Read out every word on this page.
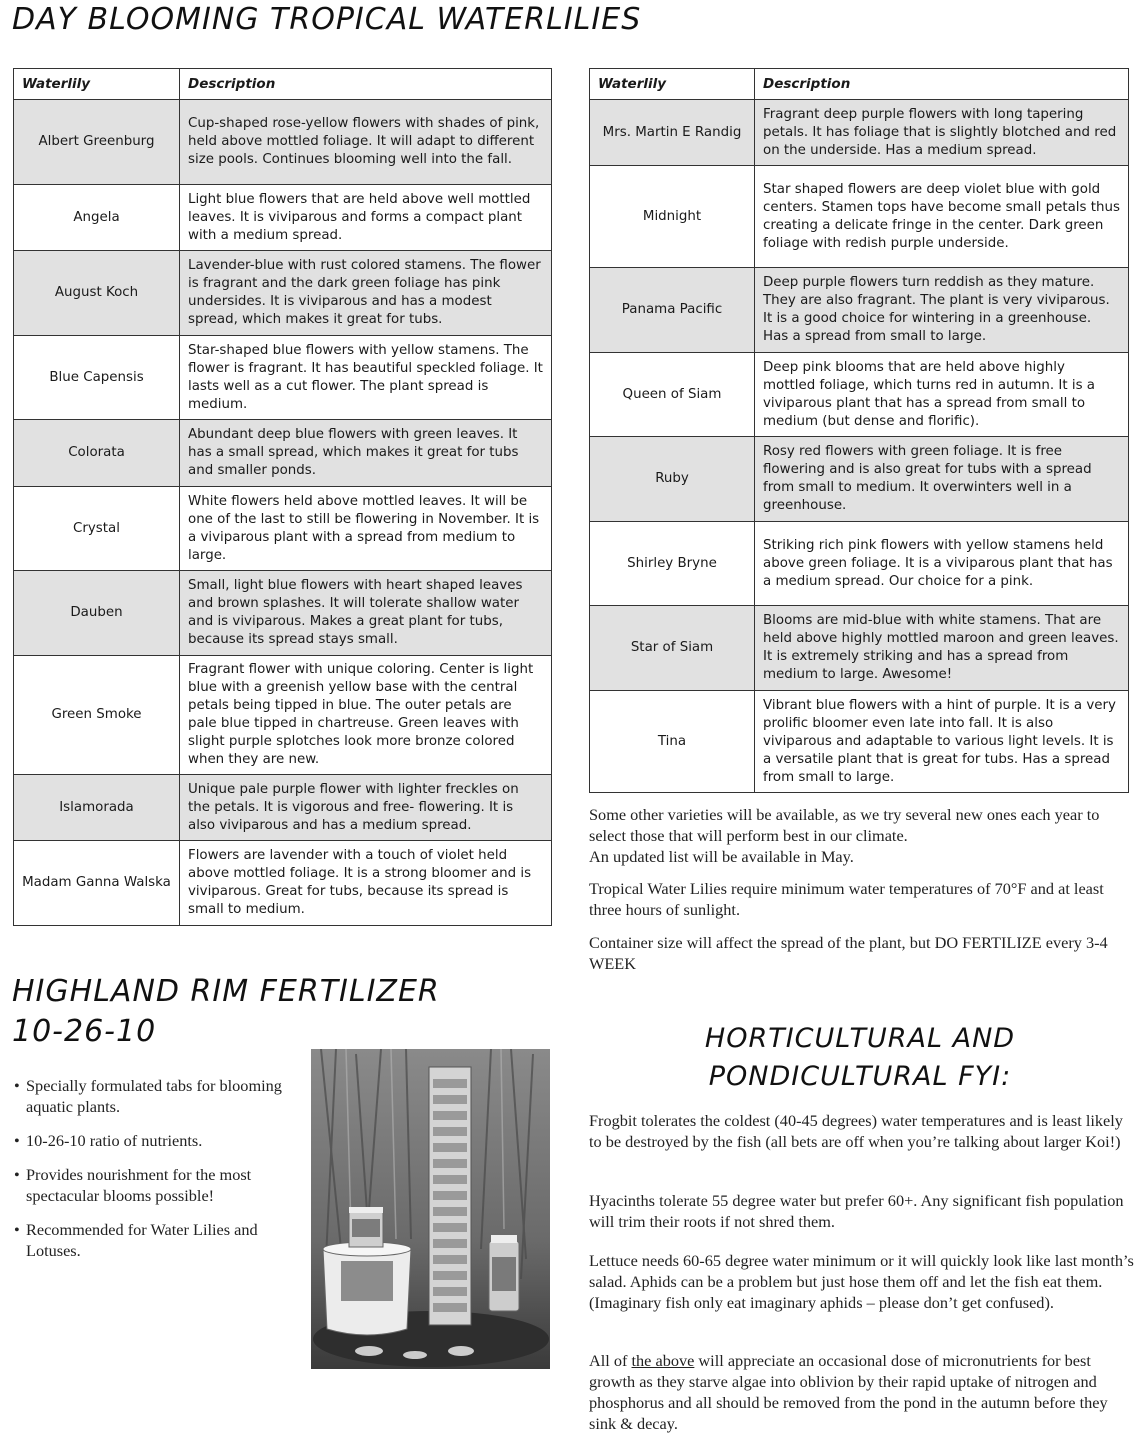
DAY BLOOMING TROPICAL WATERLILIES
Waterlily	Description
Albert Greenburg	Cup-shaped rose-yellow flowers with shades of pink, held above mottled foliage. It will adapt to different size pools. Continues blooming well into the fall.
Angela	Light blue flowers that are held above well mottled leaves. It is viviparous and forms a compact plant with a medium spread.
August Koch	Lavender-blue with rust colored stamens. The flower is fragrant and the dark green foliage has pink undersides. It is viviparous and has a modest spread, which makes it great for tubs.
Blue Capensis	Star-shaped blue flowers with yellow stamens. The flower is fragrant. It has beautiful speckled foliage. It lasts well as a cut flower. The plant spread is medium.
Colorata	Abundant deep blue flowers with green leaves. It has a small spread, which makes it great for tubs and smaller ponds.
Crystal	White flowers held above mottled leaves. It will be one of the last to still be flowering in November. It is a viviparous plant with a spread from medium to large.
Dauben	Small, light blue flowers with heart shaped leaves and brown splashes. It will tolerate shallow water and is viviparous. Makes a great plant for tubs, because its spread stays small.
Green Smoke	Fragrant flower with unique coloring. Center is light blue with a greenish yellow base with the central petals being tipped in blue. The outer petals are pale blue tipped in chartreuse. Green leaves with slight purple splotches look more bronze colored when they are new.
Islamorada	Unique pale purple flower with lighter freckles on the petals. It is vigorous and free- flowering. It is also viviparous and has a medium spread.
Madam Ganna Walska	Flowers are lavender with a touch of violet held above mottled foliage. It is a strong bloomer and is viviparous. Great for tubs, because its spread is small to medium.
Waterlily	Description
Mrs. Martin E Randig	Fragrant deep purple flowers with long tapering petals. It has foliage that is slightly blotched and red on the underside. Has a medium spread.
Midnight	Star shaped flowers are deep violet blue with gold centers. Stamen tops have become small petals thus creating a delicate fringe in the center. Dark green foliage with redish purple underside.
Panama Pacific	Deep purple flowers turn reddish as they mature. They are also fragrant. The plant is very viviparous. It is a good choice for wintering in a greenhouse. Has a spread from small to large.
Queen of Siam	Deep pink blooms that are held above highly mottled foliage, which turns red in autumn. It is a viviparous plant that has a spread from small to medium (but dense and florific).
Ruby	Rosy red flowers with green foliage. It is free flowering and is also great for tubs with a spread from small to medium. It overwinters well in a greenhouse.
Shirley Bryne	Striking rich pink flowers with yellow stamens held above green foliage. It is a viviparous plant that has a medium spread. Our choice for a pink.
Star of Siam	Blooms are mid-blue with white stamens. That are held above highly mottled maroon and green leaves. It is extremely striking and has a spread from medium to large. Awesome!
Tina	Vibrant blue flowers with a hint of purple. It is a very prolific bloomer even late into fall. It is also viviparous and adaptable to various light levels. It is a versatile plant that is great for tubs. Has a spread from small to large.
Some other varieties will be available, as we try several new ones each year to select those that will perform best in our climate.
An updated list will be available in May.

Tropical Water Lilies require minimum water temperatures of 70°F and at least three hours of sunlight.

Container size will affect the spread of the plant, but DO FERTILIZE every 3-4 WEEK

HIGHLAND RIM FERTILIZER
10-26-10
• Specially formulated tabs for blooming aquatic plants.
• 10-26-10 ratio of nutrients.
• Provides nourishment for the most spectacular blooms possible!
• Recommended for Water Lilies and Lotuses.
HORTICULTURAL AND
PONDICULTURAL FYI:

Frogbit tolerates the coldest (40-45 degrees) water temperatures and is least likely to be destroyed by the fish (all bets are off when you’re talking about larger Koi!)

Hyacinths tolerate 55 degree water but prefer 60+. Any significant fish population will trim their roots if not shred them.

Lettuce needs 60-65 degree water minimum or it will quickly look like last month’s salad. Aphids can be a problem but just hose them off and let the fish eat them. (Imaginary fish only eat imaginary aphids – please don’t get confused).

All of the above will appreciate an occasional dose of micronutrients for best growth as they starve algae into oblivion by their rapid uptake of nitrogen and phosphorus and all should be removed from the pond in the autumn before they sink & decay.
